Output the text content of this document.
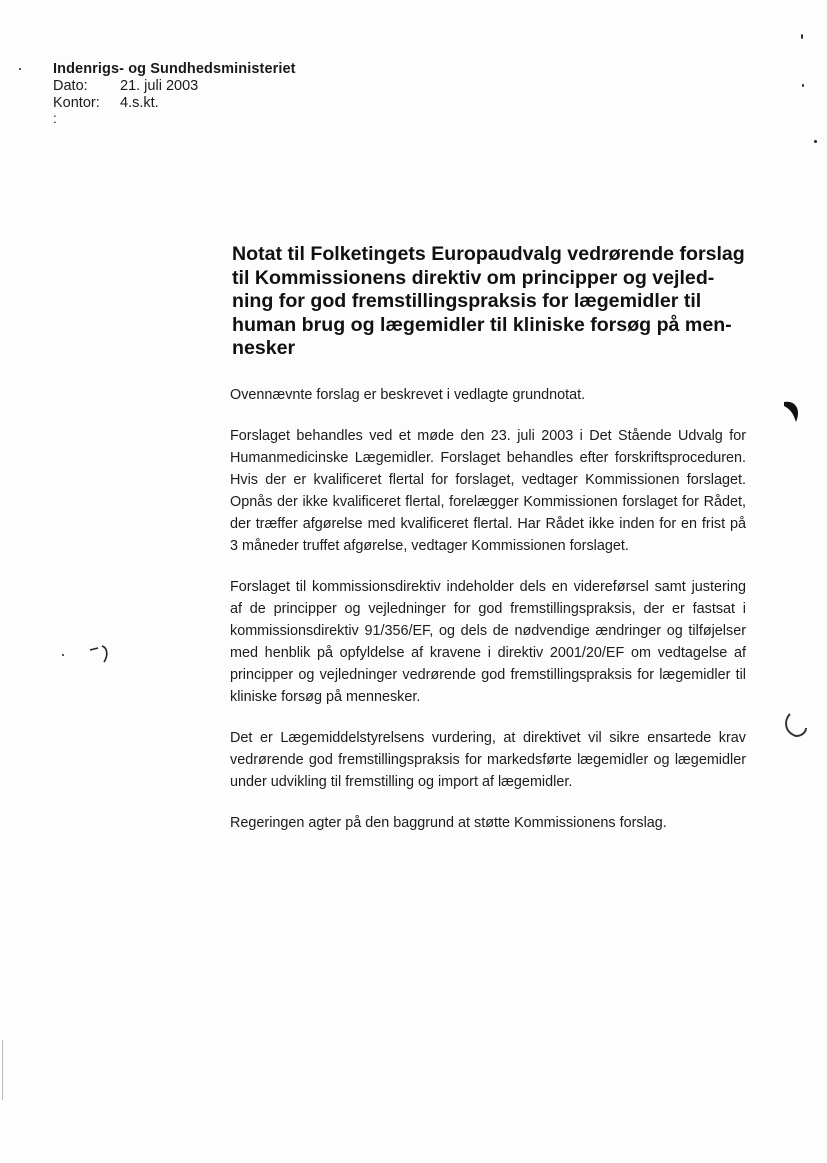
Indenrigs- og Sundhedsministeriet
Dato:	21. juli 2003
Kontor:	4.s.kt.
:
Notat til Folketingets Europaudvalg vedrørende forslag
til Kommissionens direktiv om principper og vejled-
ning for god fremstillingspraksis for lægemidler til
human brug og lægemidler til kliniske forsøg på men-
nesker

Ovennævnte forslag er beskrevet i vedlagte grundnotat.

Forslaget behandles ved et møde den 23. juli 2003 i Det Stående Udvalg for Humanmedicinske Lægemidler. Forslaget behandles efter forskriftsproceduren. Hvis der er kvalificeret flertal for forslaget, vedtager Kommissionen forslaget. Opnås der ikke kvalificeret flertal, forelægger Kommissionen forslaget for Rådet, der træffer afgørelse med kvalificeret flertal. Har Rådet ikke inden for en frist på 3 måneder truffet afgørelse, vedtager Kommissionen forslaget.

Forslaget til kommissionsdirektiv indeholder dels en videreførsel samt justering af de principper og vejledninger for god fremstillingspraksis, der er fastsat i kommissionsdirektiv 91/356/EF, og dels de nødvendige ændringer og tilføjelser med henblik på opfyldelse af kravene i direktiv 2001/20/EF om vedtagelse af principper og vejledninger vedrørende god fremstillingspraksis for lægemidler til kliniske forsøg på mennesker.

Det er Lægemiddelstyrelsens vurdering, at direktivet vil sikre ensartede krav vedrørende god fremstillingspraksis for markedsførte lægemidler og lægemidler under udvikling til fremstilling og import af lægemidler.

Regeringen agter på den baggrund at støtte Kommissionens forslag.
